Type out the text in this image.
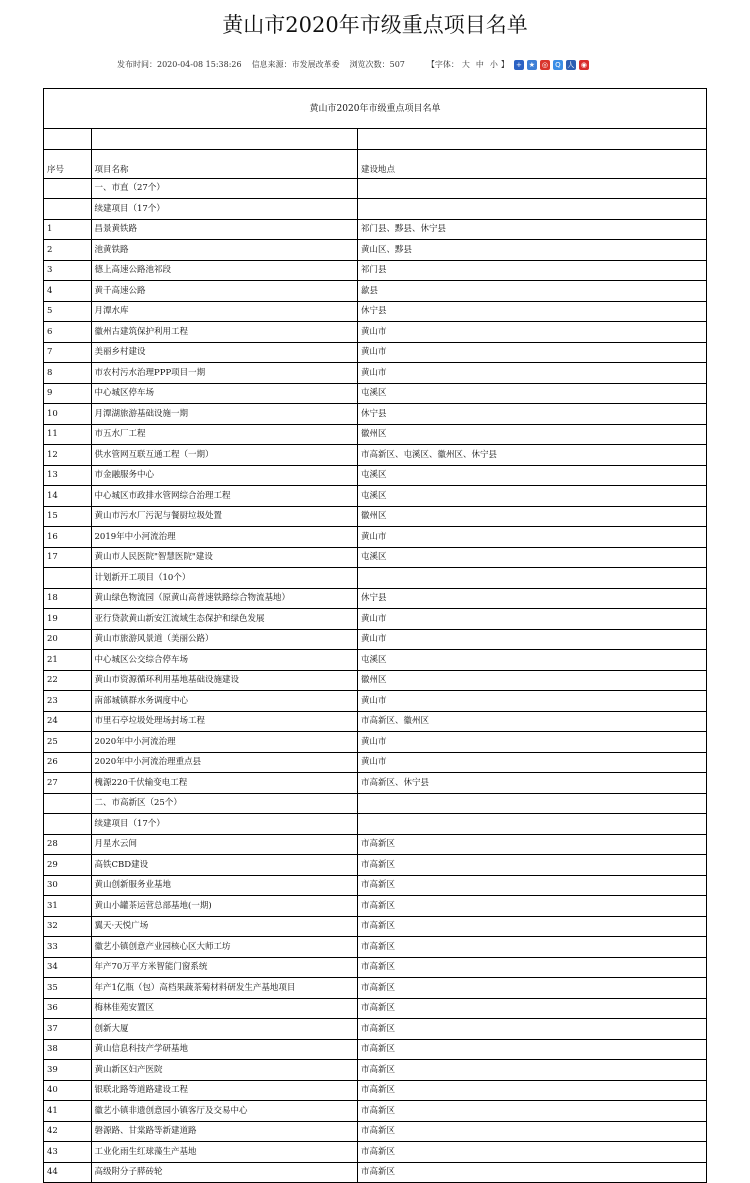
黄山市2020年市级重点项目名单
发布时间： 2020-04-08 15:38:26 信息来源： 市发展改革委 浏览次数： 507	【字体： 大 中 小 】 + ★ ◎	Q 人 ◉
黄山市2020年市级重点项目名单		

序号	项目名称	建设地点
	一、市直（27个）	
	续建项目（17个）	
1	昌景黄铁路	祁门县、黟县、休宁县
2	池黄铁路	黄山区、黟县
3	德上高速公路池祁段	祁门县
4	黄千高速公路	歙县
5	月潭水库	休宁县
6	徽州古建筑保护利用工程	黄山市
7	美丽乡村建设	黄山市
8	市农村污水治理PPP项目一期	黄山市
9	中心城区停车场	屯溪区
10	月潭湖旅游基础设施一期	休宁县
11	市五水厂工程	徽州区
12	供水管网互联互通工程（一期）	市高新区、屯溪区、徽州区、休宁县
13	市金融服务中心	屯溪区
14	中心城区市政排水管网综合治理工程	屯溪区
15	黄山市污水厂污泥与餐厨垃圾处置	徽州区
16	2019年中小河流治理	黄山市
17	黄山市人民医院"智慧医院"建设	屯溪区
	计划新开工项目（10个）	
18	黄山绿色物流园（原黄山高普速铁路综合物流基地）	休宁县
19	亚行贷款黄山新安江流域生态保护和绿色发展	黄山市
20	黄山市旅游风景道（美丽公路）	黄山市
21	中心城区公交综合停车场	屯溪区
22	黄山市资源循环利用基地基础设施建设	徽州区
23	南部城镇群水务调度中心	黄山市
24	市里石亭垃圾处理场封场工程	市高新区、徽州区
25	2020年中小河流治理	黄山市
26	2020年中小河流治理重点县	黄山市
27	槐源220千伏输变电工程	市高新区、休宁县
	二、市高新区（25个）	
	续建项目（17个）	
28	月星水云间	市高新区
29	高铁CBD建设	市高新区
30	黄山创新服务业基地	市高新区
31	黄山小罐茶运营总部基地(一期)	市高新区
32	翼天·天悦广场	市高新区
33	徽艺小镇创意产业园核心区大师工坊	市高新区
34	年产70万平方米智能门窗系统	市高新区
35	年产1亿瓶（包）高档果蔬茶菊材料研发生产基地项目	市高新区
36	梅林佳苑安置区	市高新区
37	创新大厦	市高新区
38	黄山信息科技产学研基地	市高新区
39	黄山新区妇产医院	市高新区
40	银联北路等道路建设工程	市高新区
41	徽艺小镇非遗创意园小镇客厅及交易中心	市高新区
42	磐源路、甘棠路等新建道路	市高新区
43	工业化雨生红球藻生产基地	市高新区
44	高级附分子膵砖轮	市高新区
